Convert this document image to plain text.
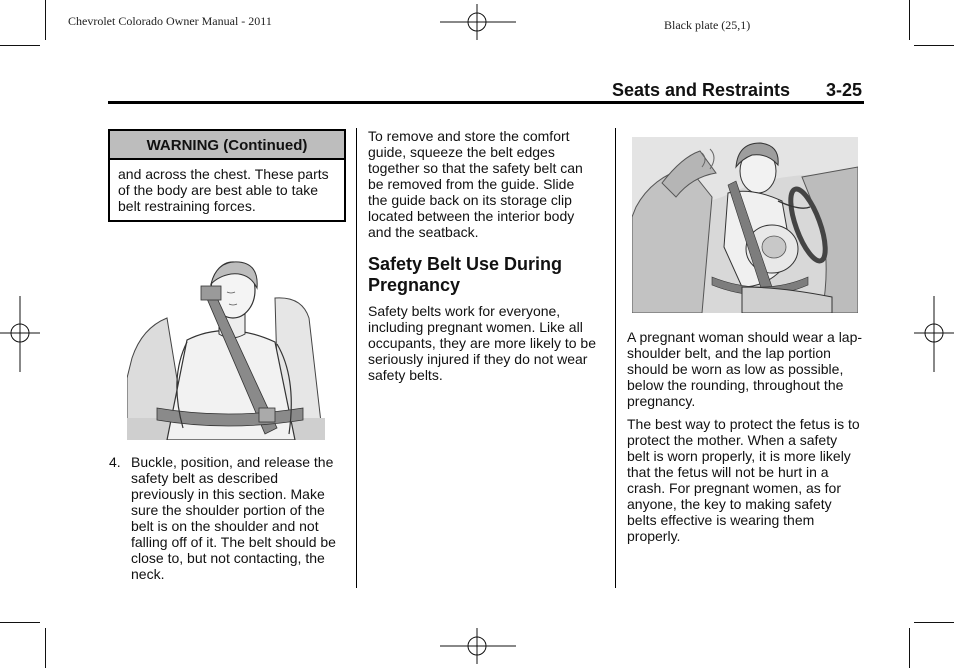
Chevrolet Colorado Owner Manual - 2011	Black plate (25,1)
Seats and Restraints 3-25
WARNING (Continued)
and across the chest. These parts of the body are best able to take belt restraining forces.
4. Buckle, position, and release the safety belt as described previously in this section. Make sure the shoulder portion of the belt is on the shoulder and not falling off of it. The belt should be close to, but not contacting, the neck.
To remove and store the comfort guide, squeeze the belt edges together so that the safety belt can be removed from the guide. Slide the guide back on its storage clip located between the interior body and the seatback.
Safety Belt Use During Pregnancy
Safety belts work for everyone, including pregnant women. Like all occupants, they are more likely to be seriously injured if they do not wear safety belts.
A pregnant woman should wear a lap-shoulder belt, and the lap portion should be worn as low as possible, below the rounding, throughout the pregnancy.
The best way to protect the fetus is to protect the mother. When a safety belt is worn properly, it is more likely that the fetus will not be hurt in a crash. For pregnant women, as for anyone, the key to making safety belts effective is wearing them properly.
